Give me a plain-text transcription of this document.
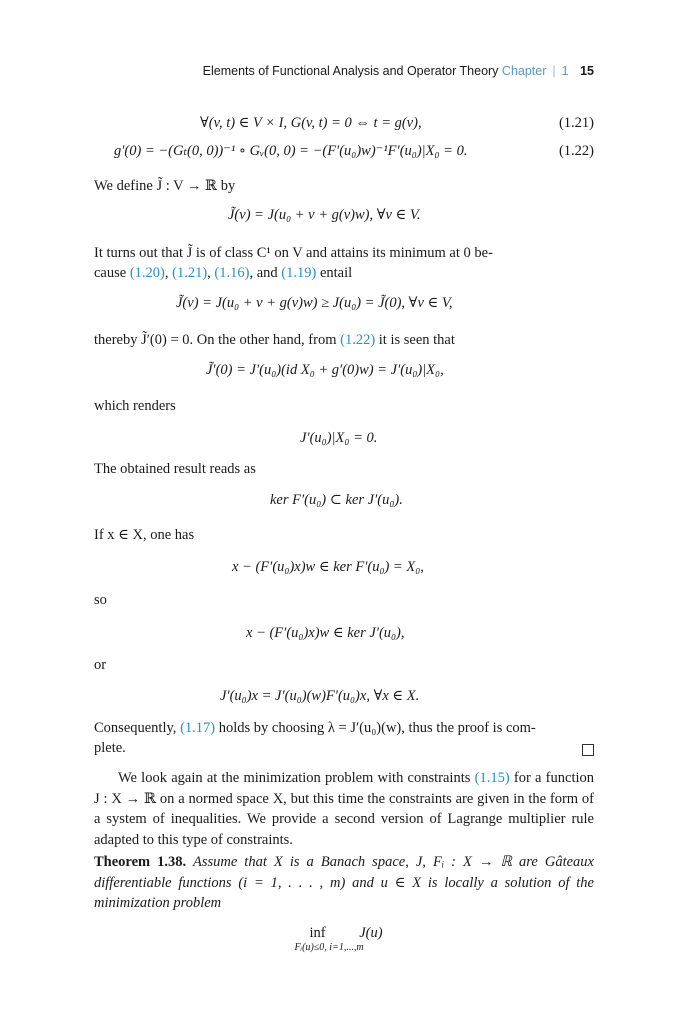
Elements of Functional Analysis and Operator Theory Chapter | 1 15
∀(v, t) ∈ V × I, G(v, t) = 0 ⇔ t = g(v),	(1.21)
g′(0) = −(Gₜ(0, 0))⁻¹ ∘ Gᵥ(0, 0) = −(F′(u₀)w)⁻¹F′(u₀)|X₀ = 0.	(1.22)
We define J̃ : V → ℝ by
J̃(v) = J(u₀ + v + g(v)w), ∀v ∈ V.
It turns out that J̃ is of class C¹ on V and attains its minimum at 0 be-
cause (1.20), (1.21), (1.16), and (1.19) entail
J̃(v) = J(u₀ + v + g(v)w) ≥ J(u₀) = J̃(0), ∀v ∈ V,
thereby J̃′(0) = 0. On the other hand, from (1.22) it is seen that
J̃′(0) = J′(u₀)(id X₀ + g′(0)w) = J′(u₀)|X₀,
which renders
J′(u₀)|X₀ = 0.
The obtained result reads as
ker F′(u₀) ⊂ ker J′(u₀).
If x ∈ X, one has
x − (F′(u₀)x)w ∈ ker F′(u₀) = X₀,
so
x − (F′(u₀)x)w ∈ ker J′(u₀),
or
J′(u₀)x = J′(u₀)(w)F′(u₀)x, ∀x ∈ X.
Consequently, (1.17) holds by choosing λ = J′(u₀)(w), thus the proof is com-
plete.
We look again at the minimization problem with constraints (1.15) for a function J : X → ℝ on a normed space X, but this time the constraints are given in the form of a system of inequalities. We provide a second version of Lagrange multiplier rule adapted to this type of constraints.
Theorem 1.38. Assume that X is a Banach space, J, Fᵢ : X → ℝ are Gâteaux differentiable functions (i = 1, . . . , m) and u ∈ X is locally a solution of the minimization problem
inf J(u)
Fᵢ(u)≤0, i=1,...,m
